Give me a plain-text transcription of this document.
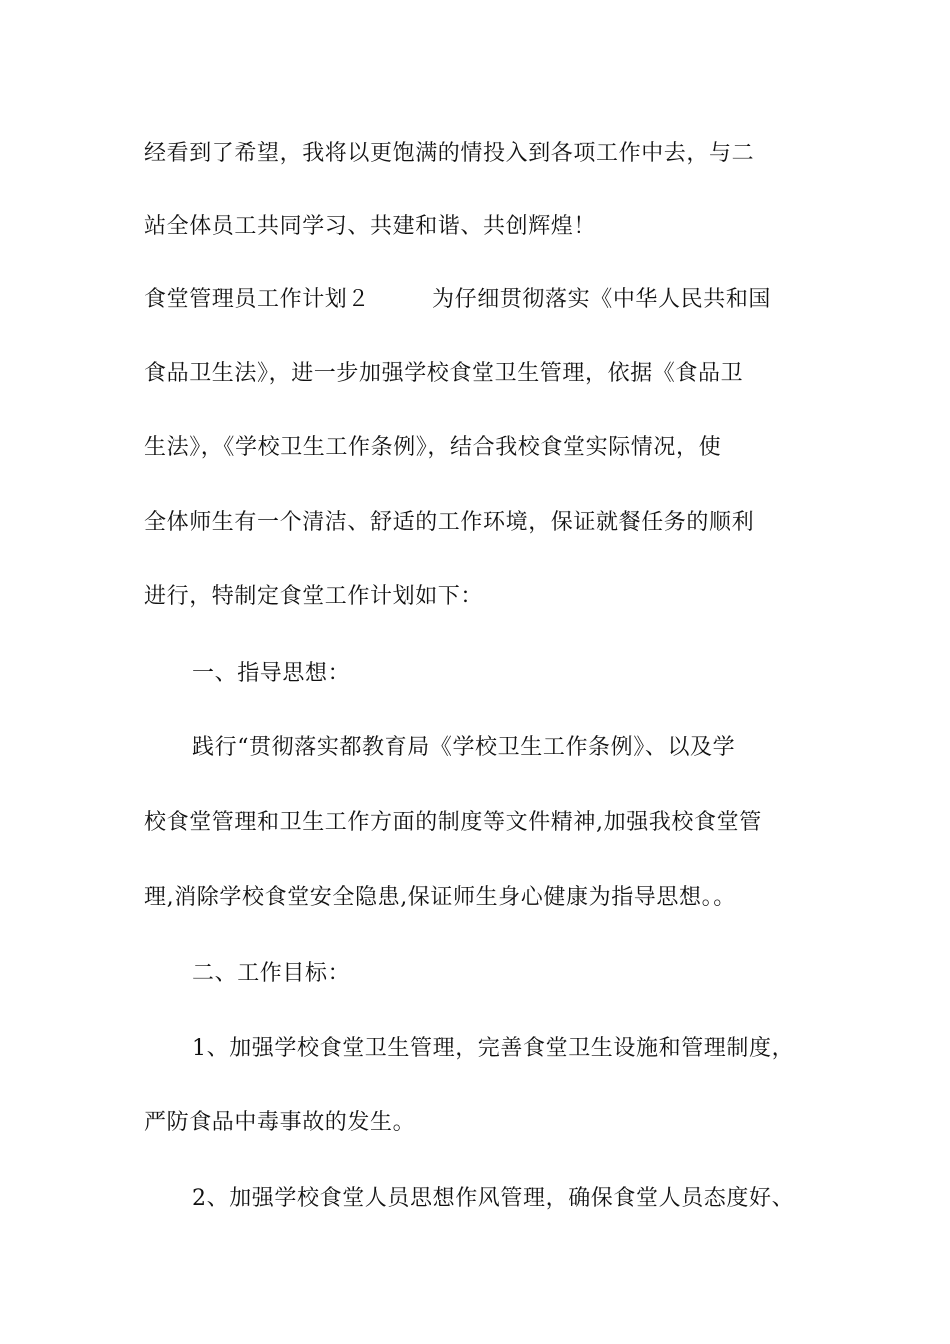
经看到了希望，我将以更饱满的情投入到各项工作中去，与二
站全体员工共同学习、共建和谐、共创辉煌！
食堂管理员工作计划２	为仔细贯彻落实《中华人民共和国
食品卫生法》，进一步加强学校食堂卫生管理，依据《食品卫
生法》，《学校卫生工作条例》，结合我校食堂实际情况，使
全体师生有一个清洁、舒适的工作环境，保证就餐任务的顺利
进行，特制定食堂工作计划如下：
一、指导思想：
践行“贯彻落实都教育局《学校卫生工作条例》、以及学
校食堂管理和卫生工作方面的制度等文件精神,加强我校食堂管
理,消除学校食堂安全隐患,保证师生身心健康为指导思想。。
二、工作目标：
1、加强学校食堂卫生管理，完善食堂卫生设施和管理制度，
严防食品中毒事故的发生。
2、加强学校食堂人员思想作风管理，确保食堂人员态度好、
